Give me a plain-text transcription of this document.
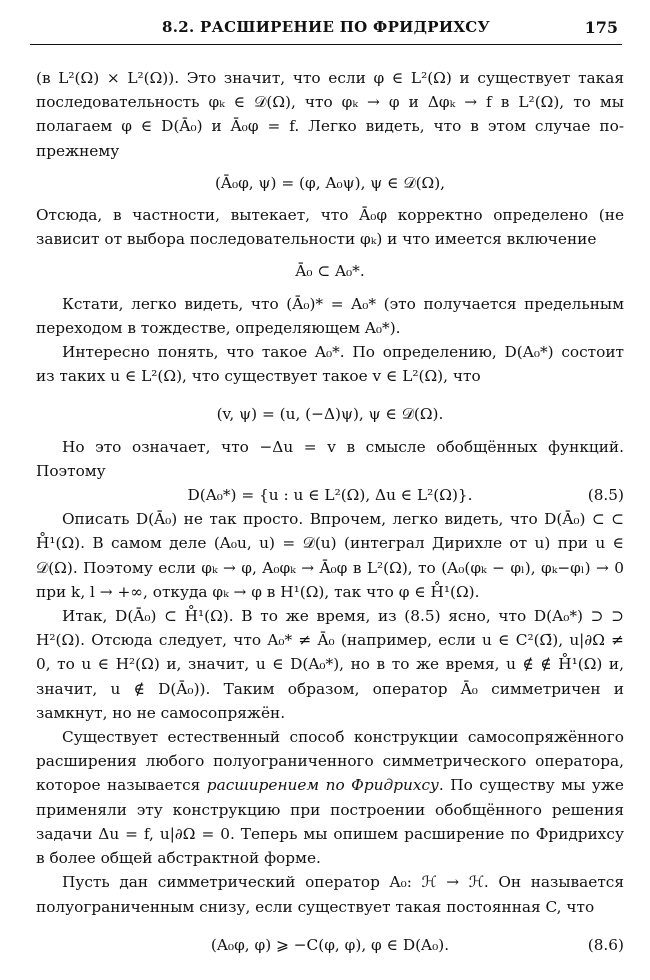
8.2. РАСШИРЕНИЕ ПО ФРИДРИХСУ	175

(в L²(Ω) × L²(Ω)). Это значит, что если φ ∈ L²(Ω) и существует такая последовательность φₖ ∈ 𝒟(Ω), что φₖ → φ и Δφₖ → f в L²(Ω), то мы полагаем φ ∈ D(Ā₀) и Ā₀φ = f. Легко видеть, что в этом случае по-прежнему

(Ā₀φ, ψ) = (φ, A₀ψ), ψ ∈ 𝒟(Ω),

Отсюда, в частности, вытекает, что Ā₀φ корректно определено (не зависит от выбора последовательности φₖ) и что имеется включение

Ā₀ ⊂ A₀*.

Кстати, легко видеть, что (Ā₀)* = A₀* (это получается предельным переходом в тождестве, определяющем A₀*).

Интересно понять, что такое A₀*. По определению, D(A₀*) состоит из таких u ∈ L²(Ω), что существует такое v ∈ L²(Ω), что

(v, ψ) = (u, (−Δ)ψ), ψ ∈ 𝒟(Ω).

Но это означает, что −Δu = v в смысле обобщённых функций. Поэтому

D(A₀*) = {u : u ∈ L²(Ω), Δu ∈ L²(Ω)}.	(8.5)

Описать D(Ā₀) не так просто. Впрочем, легко видеть, что D(Ā₀) ⊂ ⊂ H̊¹(Ω). В самом деле (A₀u, u) = 𝒟(u) (интеграл Дирихле от u) при u ∈ 𝒟(Ω). Поэтому если φₖ → φ, A₀φₖ → Ā₀φ в L²(Ω), то (A₀(φₖ − φₗ), φₖ−φₗ) → 0 при k, l → +∞, откуда φₖ → φ в H¹(Ω), так что φ ∈ H̊¹(Ω).

Итак, D(Ā₀) ⊂ H̊¹(Ω). В то же время, из (8.5) ясно, что D(A₀*) ⊃ ⊃ H²(Ω). Отсюда следует, что A₀* ≠ Ā₀ (например, если u ∈ C²(Ω̄), u|∂Ω ≠ 0, то u ∈ H²(Ω) и, значит, u ∈ D(A₀*), но в то же время, u ∉ ∉ H̊¹(Ω) и, значит, u ∉ D(Ā₀)). Таким образом, оператор Ā₀ симметричен и замкнут, но не самосопряжён.

Существует естественный способ конструкции самосопряжённого расширения любого полуограниченного симметрического оператора, которое называется расширением по Фридрихсу. По существу мы уже применяли эту конструкцию при построении обобщённого решения задачи Δu = f, u|∂Ω = 0. Теперь мы опишем расширение по Фридрихсу в более общей абстрактной форме.

Пусть дан симметрический оператор A₀: ℋ → ℋ. Он называется полуограниченным снизу, если существует такая постоянная C, что

(A₀φ, φ) ⩾ −C(φ, φ), φ ∈ D(A₀).	(8.6)
